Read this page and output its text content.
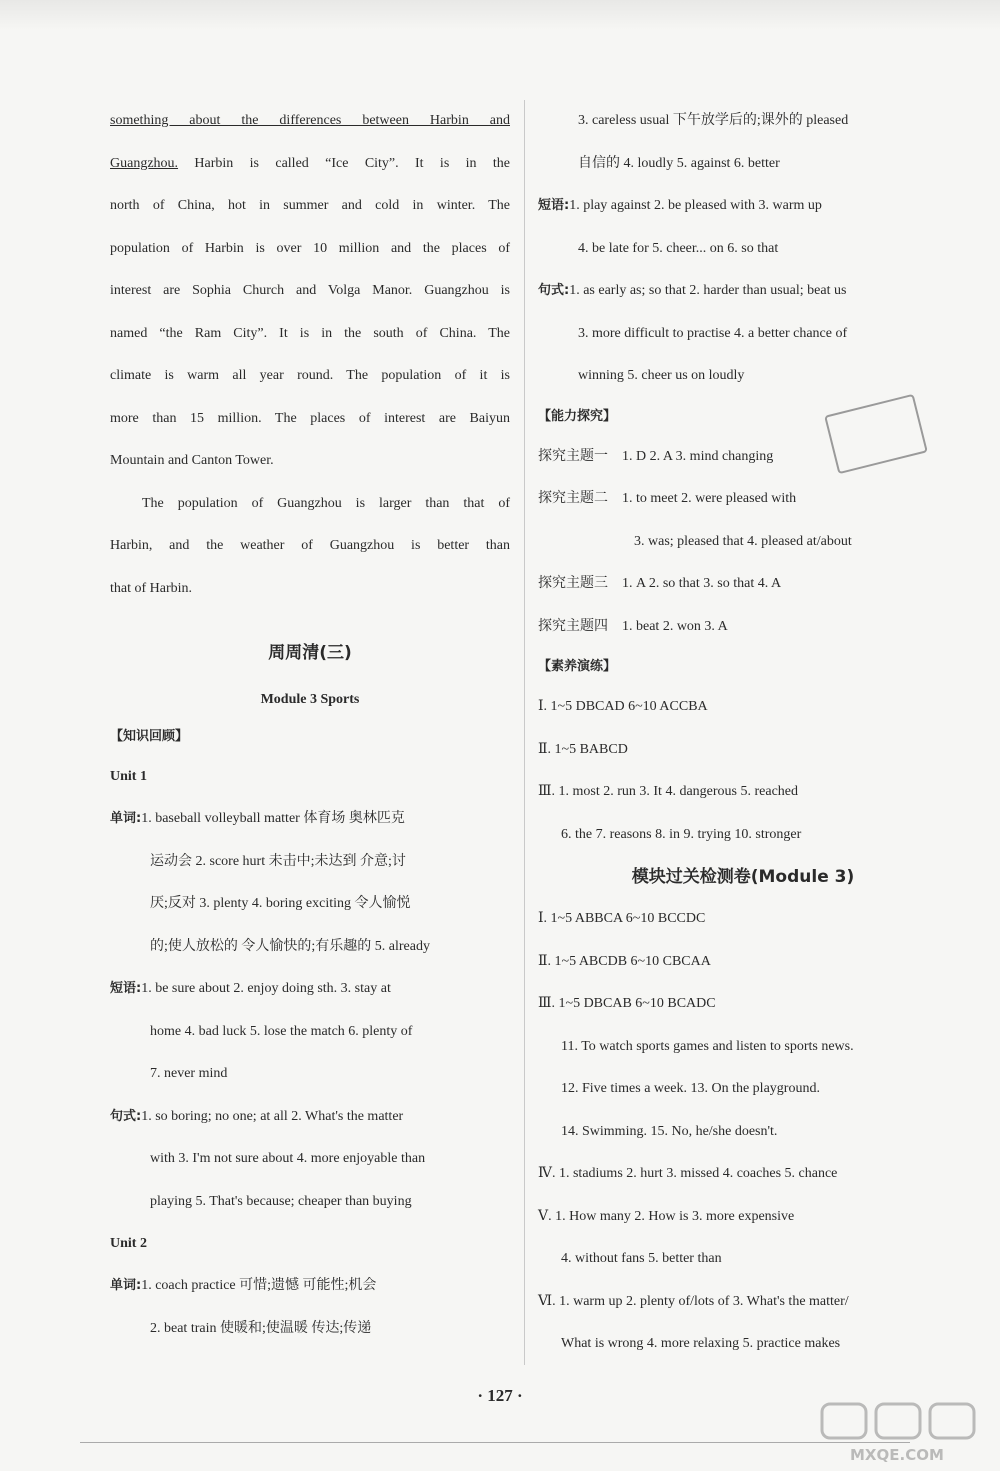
something about the differences between Harbin and
Guangzhou. Harbin is called “Ice City”. It is in the
north of China, hot in summer and cold in winter. The
population of Harbin is over 10 million and the places of
interest are Sophia Church and Volga Manor. Guangzhou is
named “the Ram City”. It is in the south of China. The
climate is warm all year round. The population of it is
more than 15 million. The places of interest are Baiyun
Mountain and Canton Tower.
The population of Guangzhou is larger than that of
Harbin, and the weather of Guangzhou is better than
that of Harbin.
周周清(三)
Module 3 Sports
【知识回顾】
Unit 1
单词:1. baseball volleyball matter 体育场 奥林匹克
运动会 2. score hurt 未击中;未达到 介意;讨
厌;反对 3. plenty 4. boring exciting 令人愉悦
的;使人放松的 令人愉快的;有乐趣的 5. already
短语:1. be sure about 2. enjoy doing sth. 3. stay at
home 4. bad luck 5. lose the match 6. plenty of
7. never mind
句式:1. so boring; no one; at all 2. What's the matter
with 3. I'm not sure about 4. more enjoyable than
playing 5. That's because; cheaper than buying
Unit 2
单词:1. coach practice 可惜;遗憾 可能性;机会
2. beat train 使暖和;使温暖 传达;传递
3. careless usual 下午放学后的;课外的 pleased
自信的 4. loudly 5. against 6. better
短语:1. play against 2. be pleased with 3. warm up
4. be late for 5. cheer... on 6. so that
句式:1. as early as; so that 2. harder than usual; beat us
3. more difficult to practise 4. a better chance of
winning 5. cheer us on loudly
【能力探究】
探究主题一 1. D 2. A 3. mind changing
探究主题二 1. to meet 2. were pleased with
3. was; pleased that 4. pleased at/about
探究主题三 1. A 2. so that 3. so that 4. A
探究主题四 1. beat 2. won 3. A
【素养演练】
Ⅰ. 1~5 DBCAD 6~10 ACCBA
Ⅱ. 1~5 BABCD
Ⅲ. 1. most 2. run 3. It 4. dangerous 5. reached
6. the 7. reasons 8. in 9. trying 10. stronger
模块过关检测卷(Module 3)
Ⅰ. 1~5 ABBCA 6~10 BCCDC
Ⅱ. 1~5 ABCDB 6~10 CBCAA
Ⅲ. 1~5 DBCAB 6~10 BCADC
11. To watch sports games and listen to sports news.
12. Five times a week. 13. On the playground.
14. Swimming. 15. No, he/she doesn't.
Ⅳ. 1. stadiums 2. hurt 3. missed 4. coaches 5. chance
Ⅴ. 1. How many 2. How is 3. more expensive
4. without fans 5. better than
Ⅵ. 1. warm up 2. plenty of/lots of 3. What's the matter/
What is wrong 4. more relaxing 5. practice makes
· 127 ·
MXQE.COM
